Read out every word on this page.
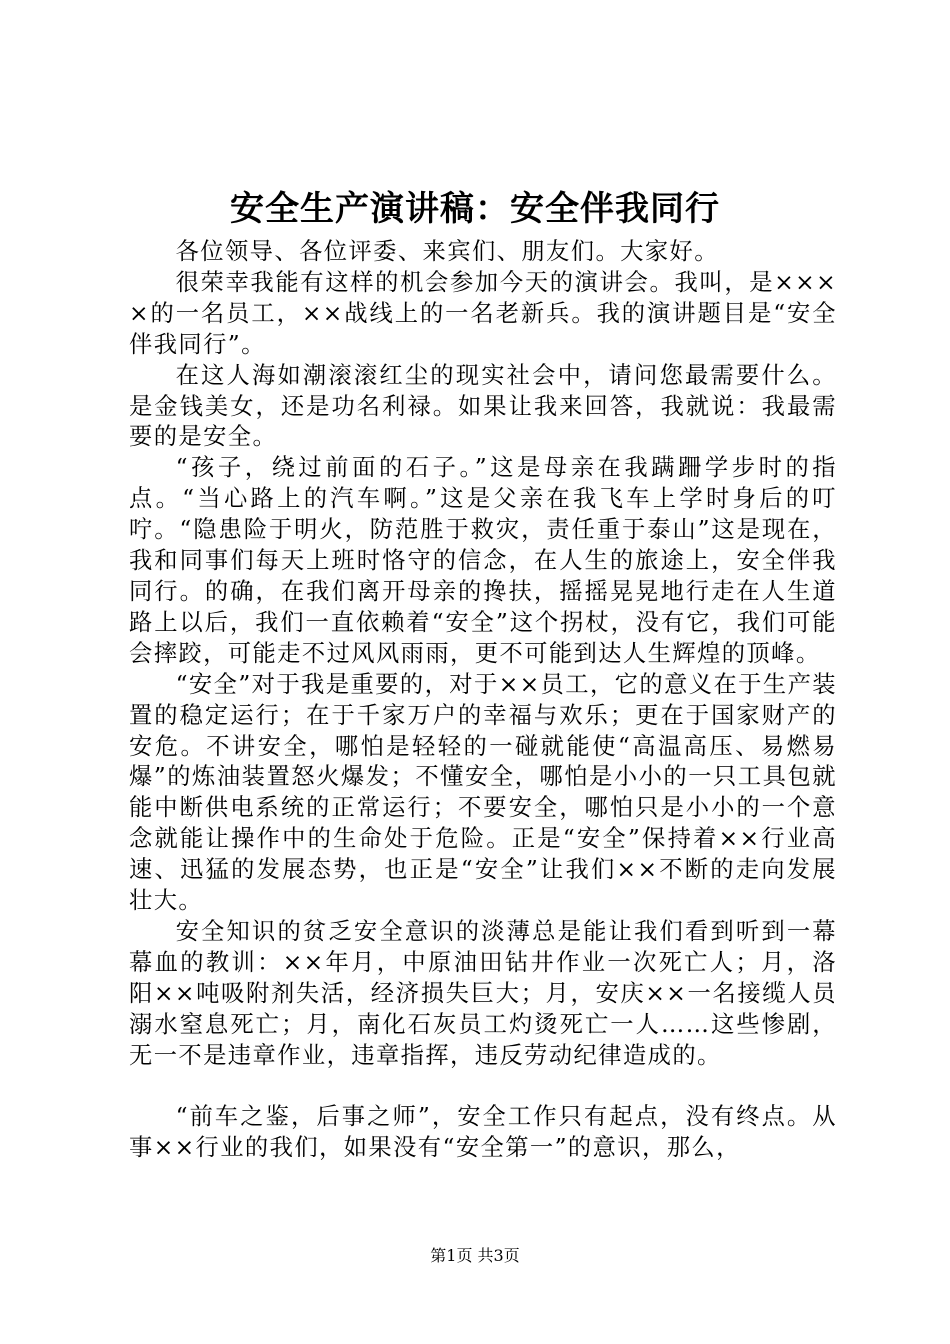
安全生产演讲稿：安全伴我同行

各位领导、各位评委、来宾们、朋友们。大家好。

很荣幸我能有这样的机会参加今天的演讲会。我叫，是××××的一名员工，××战线上的一名老新兵。我的演讲题目是“安全伴我同行”。

在这人海如潮滚滚红尘的现实社会中，请问您最需要什么。是金钱美女，还是功名利禄。如果让我来回答，我就说：我最需要的是安全。

“孩子，绕过前面的石子。”这是母亲在我蹒跚学步时的指点。“当心路上的汽车啊。”这是父亲在我飞车上学时身后的叮咛。“隐患险于明火，防范胜于救灾，责任重于泰山”这是现在，我和同事们每天上班时恪守的信念，在人生的旅途上，安全伴我同行。的确，在我们离开母亲的搀扶，摇摇晃晃地行走在人生道路上以后，我们一直依赖着“安全”这个拐杖，没有它，我们可能会摔跤，可能走不过风风雨雨，更不可能到达人生辉煌的顶峰。

“安全”对于我是重要的，对于××员工，它的意义在于生产装置的稳定运行；在于千家万户的幸福与欢乐；更在于国家财产的安危。不讲安全，哪怕是轻轻的一碰就能使“高温高压、易燃易爆”的炼油装置怒火爆发；不懂安全，哪怕是小小的一只工具包就能中断供电系统的正常运行；不要安全，哪怕只是小小的一个意念就能让操作中的生命处于危险。正是“安全”保持着××行业高速、迅猛的发展态势，也正是“安全”让我们××不断的走向发展壮大。

安全知识的贫乏安全意识的淡薄总是能让我们看到听到一幕幕血的教训：××年月，中原油田钻井作业一次死亡人；月，洛阳××吨吸附剂失活，经济损失巨大；月，安庆××一名接缆人员溺水窒息死亡；月，南化石灰员工灼烫死亡一人……这些惨剧，无一不是违章作业，违章指挥，违反劳动纪律造成的。

“前车之鉴，后事之师”，安全工作只有起点，没有终点。从事××行业的我们，如果没有“安全第一”的意识，那么，

第1页 共3页
